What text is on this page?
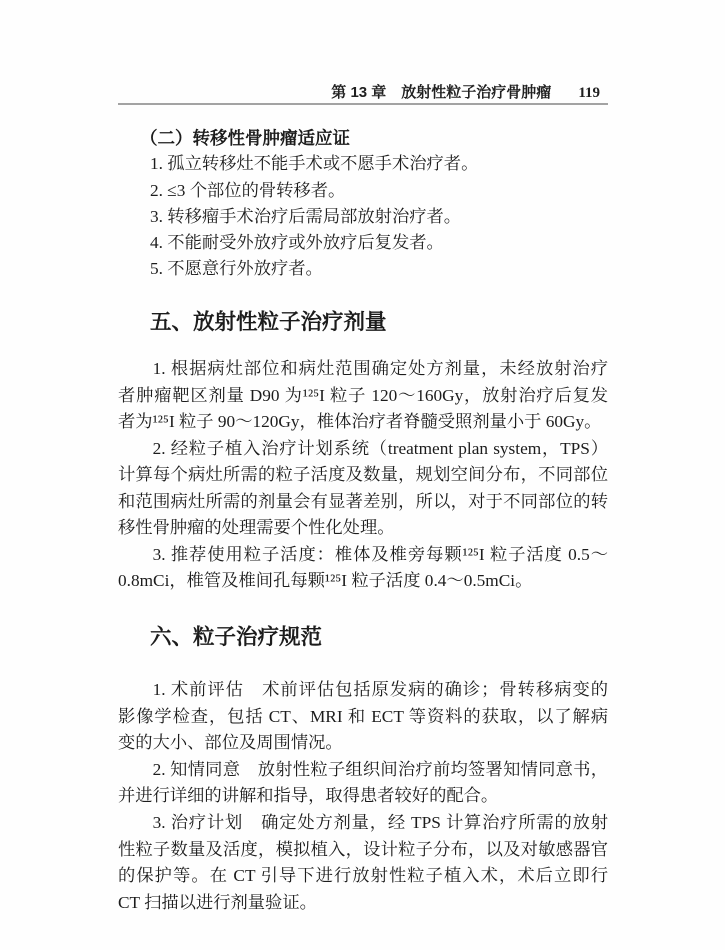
第 13 章　放射性粒子治疗骨肿瘤 119
（二）转移性骨肿瘤适应证
1. 孤立转移灶不能手术或不愿手术治疗者。
2. ≤3 个部位的骨转移者。
3. 转移瘤手术治疗后需局部放射治疗者。
4. 不能耐受外放疗或外放疗后复发者。
5. 不愿意行外放疗者。
五、放射性粒子治疗剂量
1. 根据病灶部位和病灶范围确定处方剂量，未经放射治疗
者肿瘤靶区剂量 D90 为¹²⁵I 粒子 120～160Gy，放射治疗后复发
者为¹²⁵I 粒子 90～120Gy，椎体治疗者脊髓受照剂量小于 60Gy。
2. 经粒子植入治疗计划系统（treatment plan system，TPS）
计算每个病灶所需的粒子活度及数量，规划空间分布，不同部位
和范围病灶所需的剂量会有显著差别，所以，对于不同部位的转
移性骨肿瘤的处理需要个性化处理。
3. 推荐使用粒子活度：椎体及椎旁每颗¹²⁵I 粒子活度 0.5～
0.8mCi，椎管及椎间孔每颗¹²⁵I 粒子活度 0.4～0.5mCi。
六、粒子治疗规范
1. 术前评估　术前评估包括原发病的确诊；骨转移病变的
影像学检查，包括 CT、MRI 和 ECT 等资料的获取，以了解病
变的大小、部位及周围情况。
2. 知情同意　放射性粒子组织间治疗前均签署知情同意书，
并进行详细的讲解和指导，取得患者较好的配合。
3. 治疗计划　确定处方剂量，经 TPS 计算治疗所需的放射
性粒子数量及活度，模拟植入，设计粒子分布，以及对敏感器官
的保护等。在 CT 引导下进行放射性粒子植入术，术后立即行
CT 扫描以进行剂量验证。
